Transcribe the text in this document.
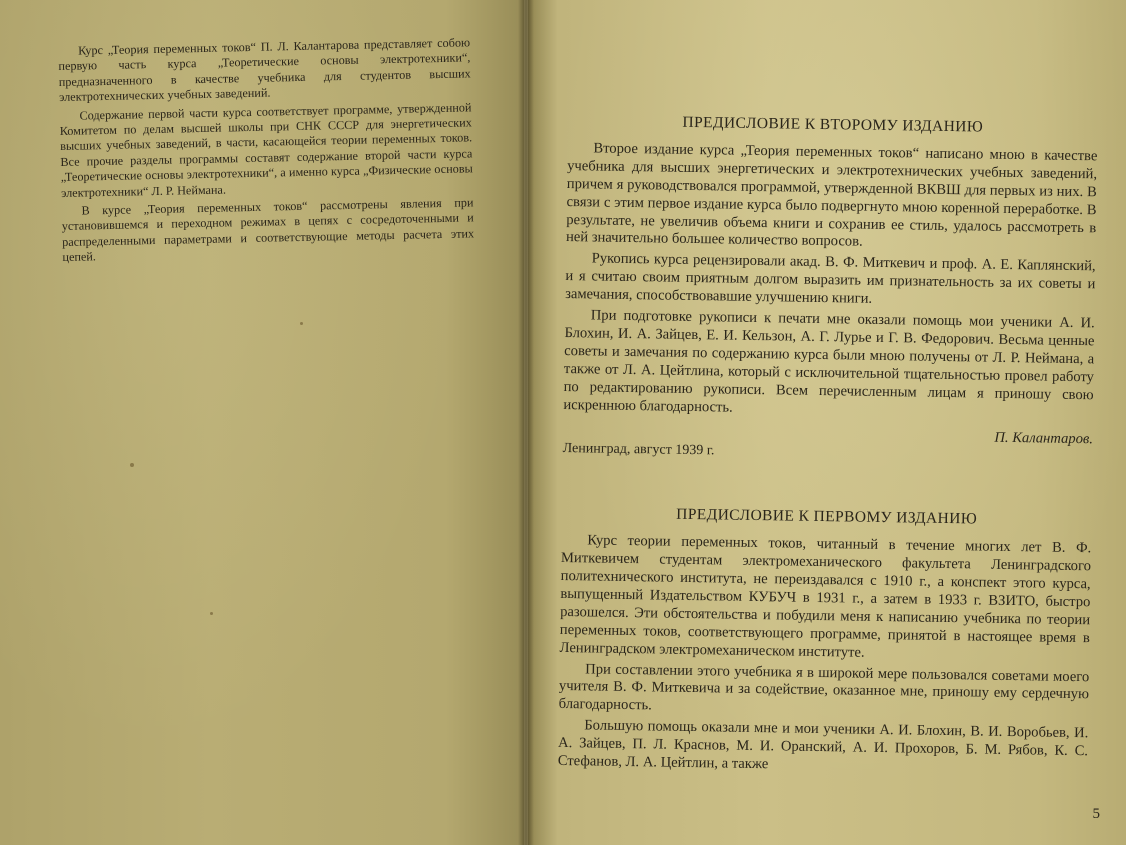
Курс „Теория переменных токов“ П. Л. Калантарова представляет собою первую часть курса „Теоретические основы электротехники“, предназначенного в качестве учебника для студентов высших электротехнических учебных заведений.

Содержание первой части курса соответствует программе, утвержденной Комитетом по делам высшей школы при СНК СССР для энергетических высших учебных заведений, в части, касающейся теории переменных токов. Все прочие разделы программы составят содержание второй части курса „Теоретические основы электротехники“, а именно курса „Физические основы электротехники“ Л. Р. Неймана.

В курсе „Теория переменных токов“ рассмотрены явления при установившемся и переходном режимах в цепях с сосредоточенными и распределенными параметрами и соответствующие методы расчета этих цепей.

ПРЕДИСЛОВИЕ К ВТОРОМУ ИЗДАНИЮ

Второе издание курса „Теория переменных токов“ написано мною в качестве учебника для высших энергетических и электротехнических учебных заведений, причем я руководствовался программой, утвержденной ВКВШ для первых из них. В связи с этим первое издание курса было подвергнуто мною коренной переработке. В результате, не увеличив объема книги и сохранив ее стиль, удалось рассмотреть в ней значительно большее количество вопросов.

Рукопись курса рецензировали акад. В. Ф. Миткевич и проф. А. Е. Каплянский, и я считаю своим приятным долгом выразить им признательность за их советы и замечания, способствовавшие улучшению книги.

При подготовке рукописи к печати мне оказали помощь мои ученики А. И. Блохин, И. А. Зайцев, Е. И. Кельзон, А. Г. Лурье и Г. В. Федорович. Весьма ценные советы и замечания по содержанию курса были мною получены от Л. Р. Неймана, а также от Л. А. Цейтлина, который с исключительной тщательностью провел работу по редактированию рукописи. Всем перечисленным лицам я приношу свою искреннюю благодарность.

П. Калантаров.
Ленинград, август 1939 г.
ПРЕДИСЛОВИЕ К ПЕРВОМУ ИЗДАНИЮ

Курс теории переменных токов, читанный в течение многих лет В. Ф. Миткевичем студентам электромеханического факультета Ленинградского политехнического института, не переиздавался с 1910 г., а конспект этого курса, выпущенный Издательством КУБУЧ в 1931 г., а затем в 1933 г. ВЗИТО, быстро разошелся. Эти обстоятельства и побудили меня к написанию учебника по теории переменных токов, соответствующего программе, принятой в настоящее время в Ленинградском электромеханическом институте.

При составлении этого учебника я в широкой мере пользовался советами моего учителя В. Ф. Миткевича и за содействие, оказанное мне, приношу ему сердечную благодарность.

Большую помощь оказали мне и мои ученики А. И. Блохин, В. И. Воробьев, И. А. Зайцев, П. Л. Краснов, М. И. Оранский, А. И. Прохоров, Б. М. Рябов, К. С. Стефанов, Л. А. Цейтлин, а также

5
